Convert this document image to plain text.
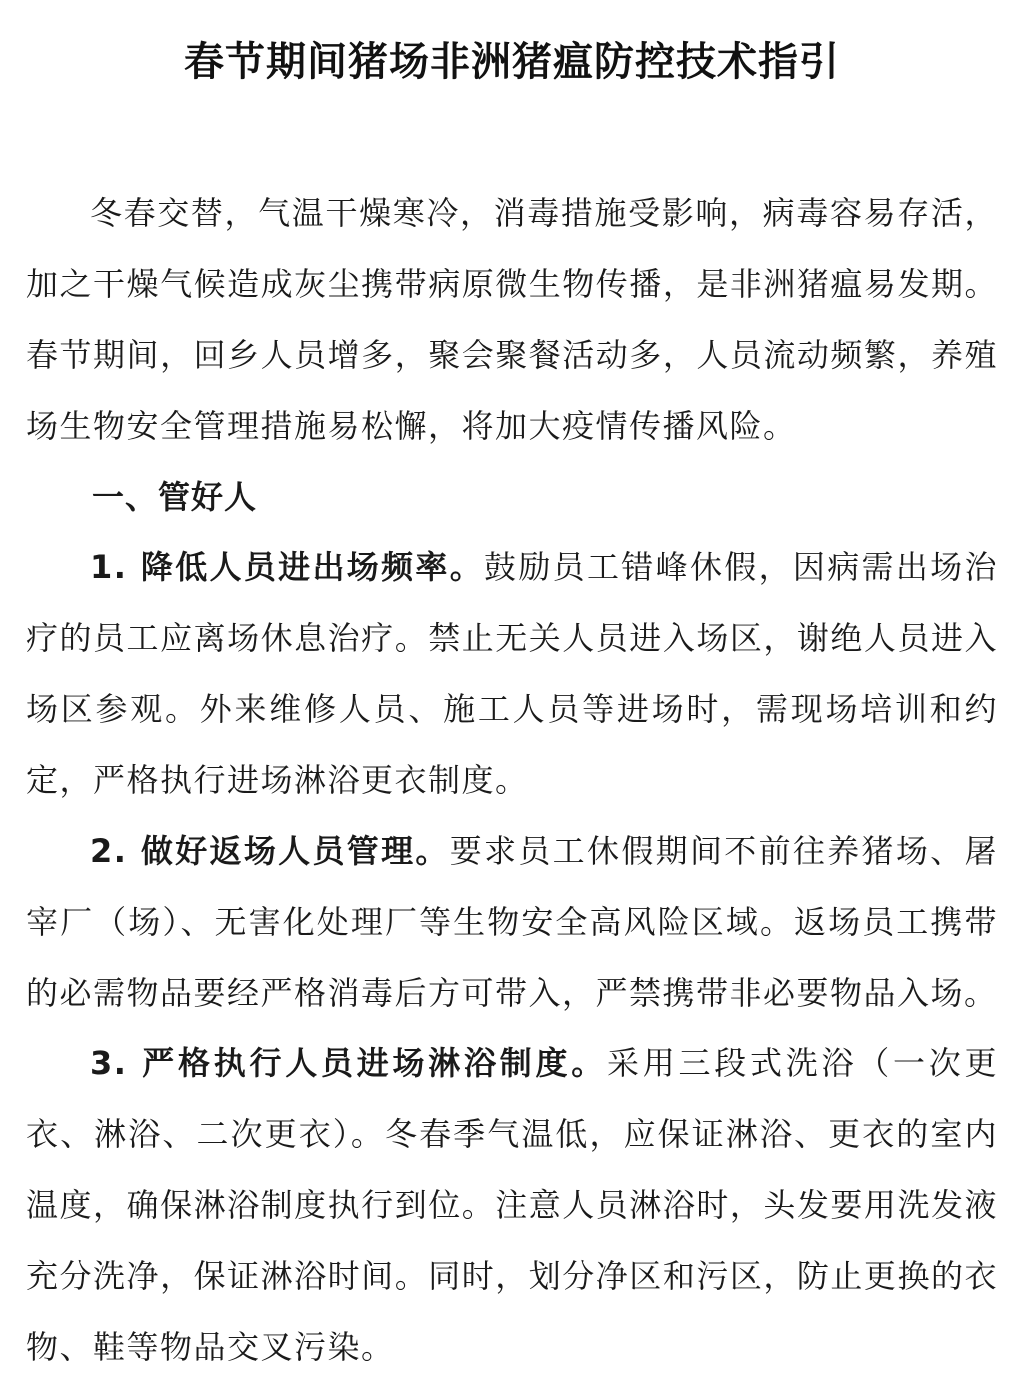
春节期间猪场非洲猪瘟防控技术指引

冬春交替，气温干燥寒冷，消毒措施受影响，病毒容易存活，加之干燥气候造成灰尘携带病原微生物传播，是非洲猪瘟易发期。春节期间，回乡人员增多，聚会聚餐活动多，人员流动频繁，养殖场生物安全管理措施易松懈，将加大疫情传播风险。

一、管好人

1. 降低人员进出场频率。鼓励员工错峰休假，因病需出场治疗的员工应离场休息治疗。禁止无关人员进入场区，谢绝人员进入场区参观。外来维修人员、施工人员等进场时，需现场培训和约定，严格执行进场淋浴更衣制度。

2. 做好返场人员管理。要求员工休假期间不前往养猪场、屠宰厂（场）、无害化处理厂等生物安全高风险区域。返场员工携带的必需物品要经严格消毒后方可带入，严禁携带非必要物品入场。

3. 严格执行人员进场淋浴制度。采用三段式洗浴（一次更衣、淋浴、二次更衣）。冬春季气温低，应保证淋浴、更衣的室内温度，确保淋浴制度执行到位。注意人员淋浴时，头发要用洗发液充分洗净，保证淋浴时间。同时，划分净区和污区，防止更换的衣物、鞋等物品交叉污染。
